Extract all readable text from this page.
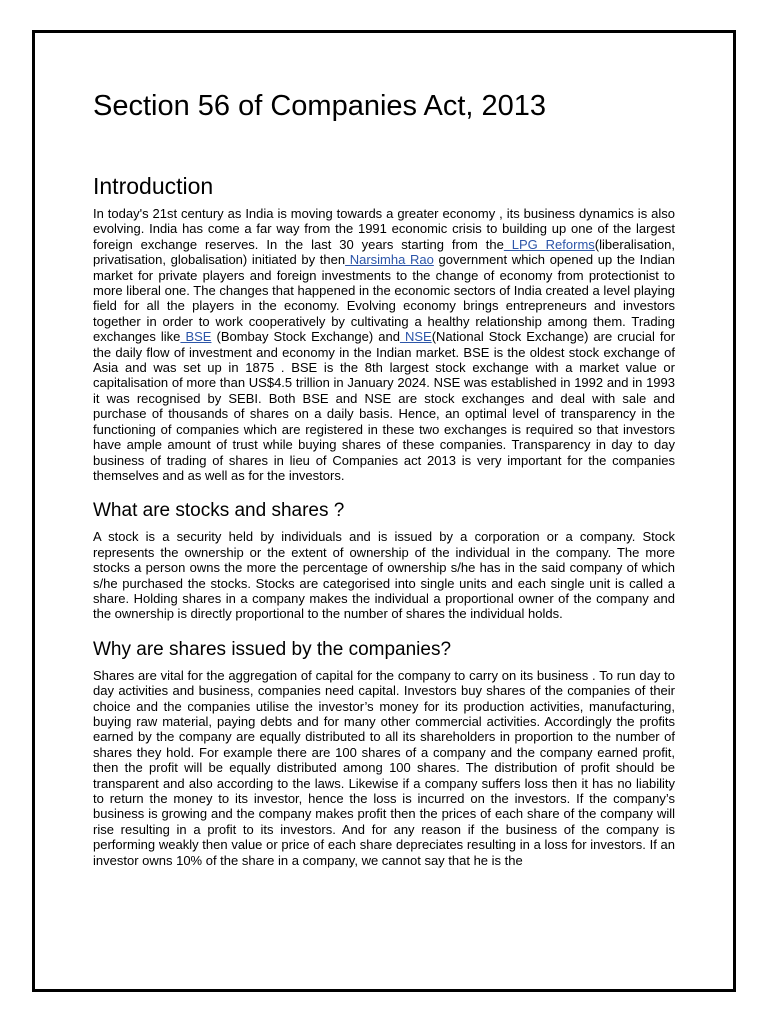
Section 56 of Companies Act, 2013
Introduction

In today's 21st century as India is moving towards a greater economy , its business dynamics is also evolving. India has come a far way from the 1991 economic crisis to building up one of the largest foreign exchange reserves. In the last 30 years starting from the LPG Reforms(liberalisation, privatisation, globalisation) initiated by then Narsimha Rao government which opened up the Indian market for private players and foreign investments to the change of economy from protectionist to more liberal one. The changes that happened in the economic sectors of India created a level playing field for all the players in the economy. Evolving economy brings entrepreneurs and investors together in order to work cooperatively by cultivating a healthy relationship among them. Trading exchanges like BSE (Bombay Stock Exchange) and NSE(National Stock Exchange) are crucial for the daily flow of investment and economy in the Indian market. BSE is the oldest stock exchange of Asia and was set up in 1875 . BSE is the 8th largest stock exchange with a market value or capitalisation of more than US$4.5 trillion in January 2024. NSE was established in 1992 and in 1993 it was recognised by SEBI. Both BSE and NSE are stock exchanges and deal with sale and purchase of thousands of shares on a daily basis. Hence, an optimal level of transparency in the functioning of companies which are registered in these two exchanges is required so that investors have ample amount of trust while buying shares of these companies. Transparency in day to day business of trading of shares in lieu of Companies act 2013 is very important for the companies themselves and as well as for the investors.

What are stocks and shares ?

A stock is a security held by individuals and is issued by a corporation or a company. Stock represents the ownership or the extent of ownership of the individual in the company. The more stocks a person owns the more the percentage of ownership s/he has in the said company of which s/he purchased the stocks. Stocks are categorised into single units and each single unit is called a share. Holding shares in a company makes the individual a proportional owner of the company and the ownership is directly proportional to the number of shares the individual holds.

Why are shares issued by the companies?

Shares are vital for the aggregation of capital for the company to carry on its business . To run day to day activities and business, companies need capital. Investors buy shares of the companies of their choice and the companies utilise the investor’s money for its production activities, manufacturing, buying raw material, paying debts and for many other commercial activities. Accordingly the profits earned by the company are equally distributed to all its shareholders in proportion to the number of shares they hold. For example there are 100 shares of a company and the company earned profit, then the profit will be equally distributed among 100 shares. The distribution of profit should be transparent and also according to the laws. Likewise if a company suffers loss then it has no liability to return the money to its investor, hence the loss is incurred on the investors. If the company’s business is growing and the company makes profit then the prices of each share of the company will rise resulting in a profit to its investors. And for any reason if the business of the company is performing weakly then value or price of each share depreciates resulting in a loss for investors. If an investor owns 10% of the share in a company, we cannot say that he is the
